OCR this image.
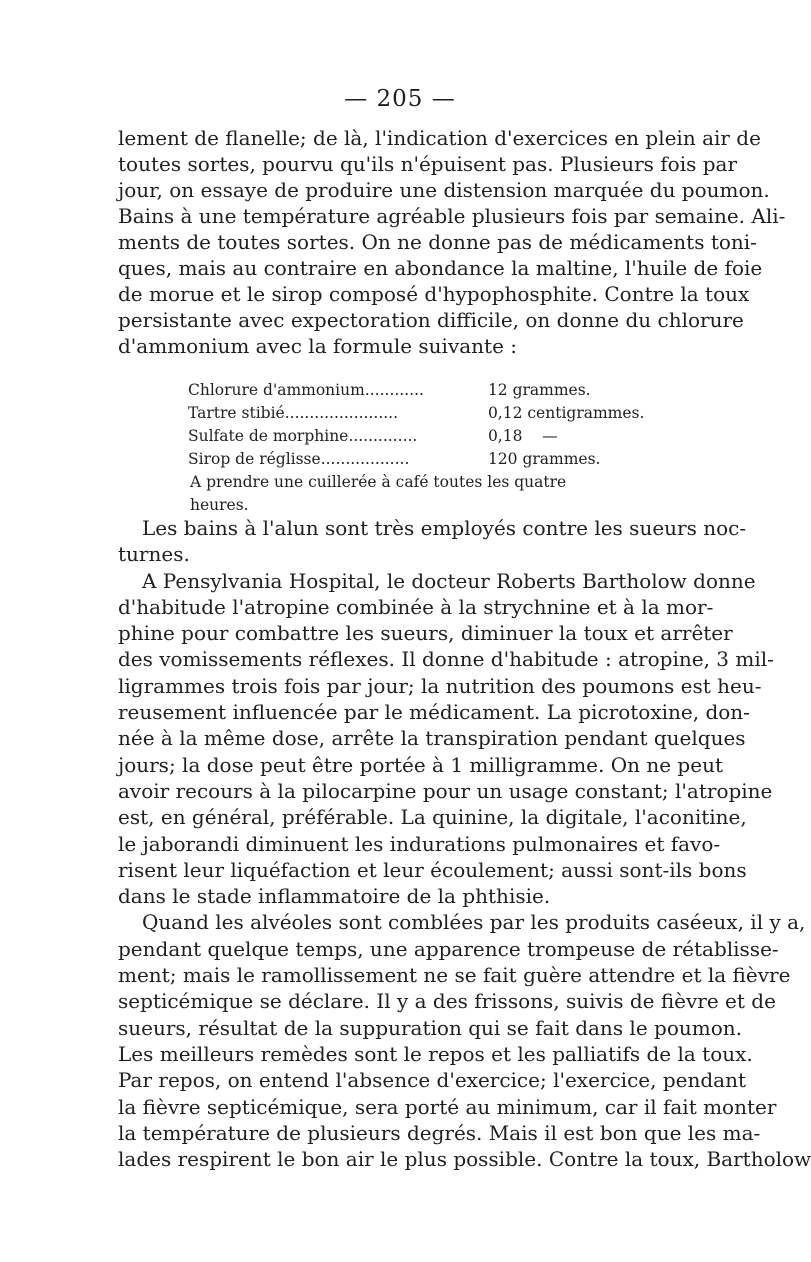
— 205 —
lement de flanelle; de là, l'indication d'exercices en plein air de
toutes sortes, pourvu qu'ils n'épuisent pas. Plusieurs fois par
jour, on essaye de produire une distension marquée du poumon.
Bains à une température agréable plusieurs fois par semaine. Ali-
ments de toutes sortes. On ne donne pas de médicaments toni-
ques, mais au contraire en abondance la maltine, l'huile de foie
de morue et le sirop composé d'hypophosphite. Contre la toux
persistante avec expectoration difficile, on donne du chlorure
d'ammonium avec la formule suivante :
Chlorure d'ammonium............	12 grammes.
Tartre stibié.......................	0,12 centigrammes.
Sulfate de morphine..............	0,18    —
Sirop de réglisse..................	120 grammes.
A prendre une cuillerée à café toutes les quatre heures.
Les bains à l'alun sont très employés contre les sueurs noc-
turnes.
A Pensylvania Hospital, le docteur Roberts Bartholow donne
d'habitude l'atropine combinée à la strychnine et à la mor-
phine pour combattre les sueurs, diminuer la toux et arrêter
des vomissements réflexes. Il donne d'habitude : atropine, 3 mil-
ligrammes trois fois par jour; la nutrition des poumons est heu-
reusement influencée par le médicament. La picrotoxine, don-
née à la même dose, arrête la transpiration pendant quelques
jours; la dose peut être portée à 1 milligramme. On ne peut
avoir recours à la pilocarpine pour un usage constant; l'atropine
est, en général, préférable. La quinine, la digitale, l'aconitine,
le jaborandi diminuent les indurations pulmonaires et favo-
risent leur liquéfaction et leur écoulement; aussi sont-ils bons
dans le stade inflammatoire de la phthisie.
Quand les alvéoles sont comblées par les produits caséeux, il y a,
pendant quelque temps, une apparence trompeuse de rétablisse-
ment; mais le ramollissement ne se fait guère attendre et la fièvre
septicémique se déclare. Il y a des frissons, suivis de fièvre et de
sueurs, résultat de la suppuration qui se fait dans le poumon.
Les meilleurs remèdes sont le repos et les palliatifs de la toux.
Par repos, on entend l'absence d'exercice; l'exercice, pendant
la fièvre septicémique, sera porté au minimum, car il fait monter
la température de plusieurs degrés. Mais il est bon que les ma-
lades respirent le bon air le plus possible. Contre la toux, Bartholow
